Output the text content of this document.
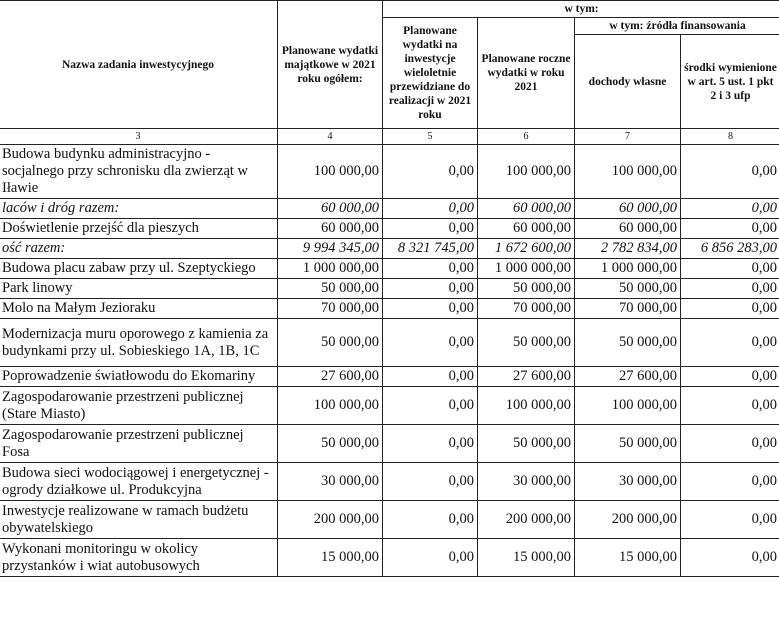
Nazwa zadania inwestycyjnego	Planowane wydatki majątkowe w 2021 roku ogółem:	w tym:			
		Planowane wydatki na inwestycje wieloletnie przewidziane do realizacji w 2021 roku	Planowane roczne wydatki w roku 2021	w tym: źródła finansowania	
				dochody własne	środki wymienione w art. 5 ust. 1 pkt 2 i 3 ufp
3	4	5	6	7	8
Budowa budynku administracyjno - socjalnego przy schronisku dla zwierząt w Iławie	100 000,00	0,00	100 000,00	100 000,00	0,00
laców i dróg razem:	60 000,00	0,00	60 000,00	60 000,00	0,00
Doświetlenie przejść dla pieszych	60 000,00	0,00	60 000,00	60 000,00	0,00
ość razem:	9 994 345,00	8 321 745,00	1 672 600,00	2 782 834,00	6 856 283,00
Budowa placu zabaw przy ul. Szeptyckiego	1 000 000,00	0,00	1 000 000,00	1 000 000,00	0,00
Park linowy	50 000,00	0,00	50 000,00	50 000,00	0,00
Molo na Małym Jezioraku	70 000,00	0,00	70 000,00	70 000,00	0,00
Modernizacja muru oporowego z kamienia za budynkami przy ul. Sobieskiego 1A, 1B, 1C	50 000,00	0,00	50 000,00	50 000,00	0,00
Poprowadzenie światłowodu do Ekomariny	27 600,00	0,00	27 600,00	27 600,00	0,00
Zagospodarowanie przestrzeni publicznej (Stare Miasto)	100 000,00	0,00	100 000,00	100 000,00	0,00
Zagospodarowanie przestrzeni publicznej Fosa	50 000,00	0,00	50 000,00	50 000,00	0,00
Budowa sieci wodociągowej i energetycznej - ogrody działkowe ul. Produkcyjna	30 000,00	0,00	30 000,00	30 000,00	0,00
Inwestycje realizowane w ramach budżetu obywatelskiego	200 000,00	0,00	200 000,00	200 000,00	0,00
Wykonani monitoringu w okolicy przystanków i wiat autobusowych	15 000,00	0,00	15 000,00	15 000,00	0,00
